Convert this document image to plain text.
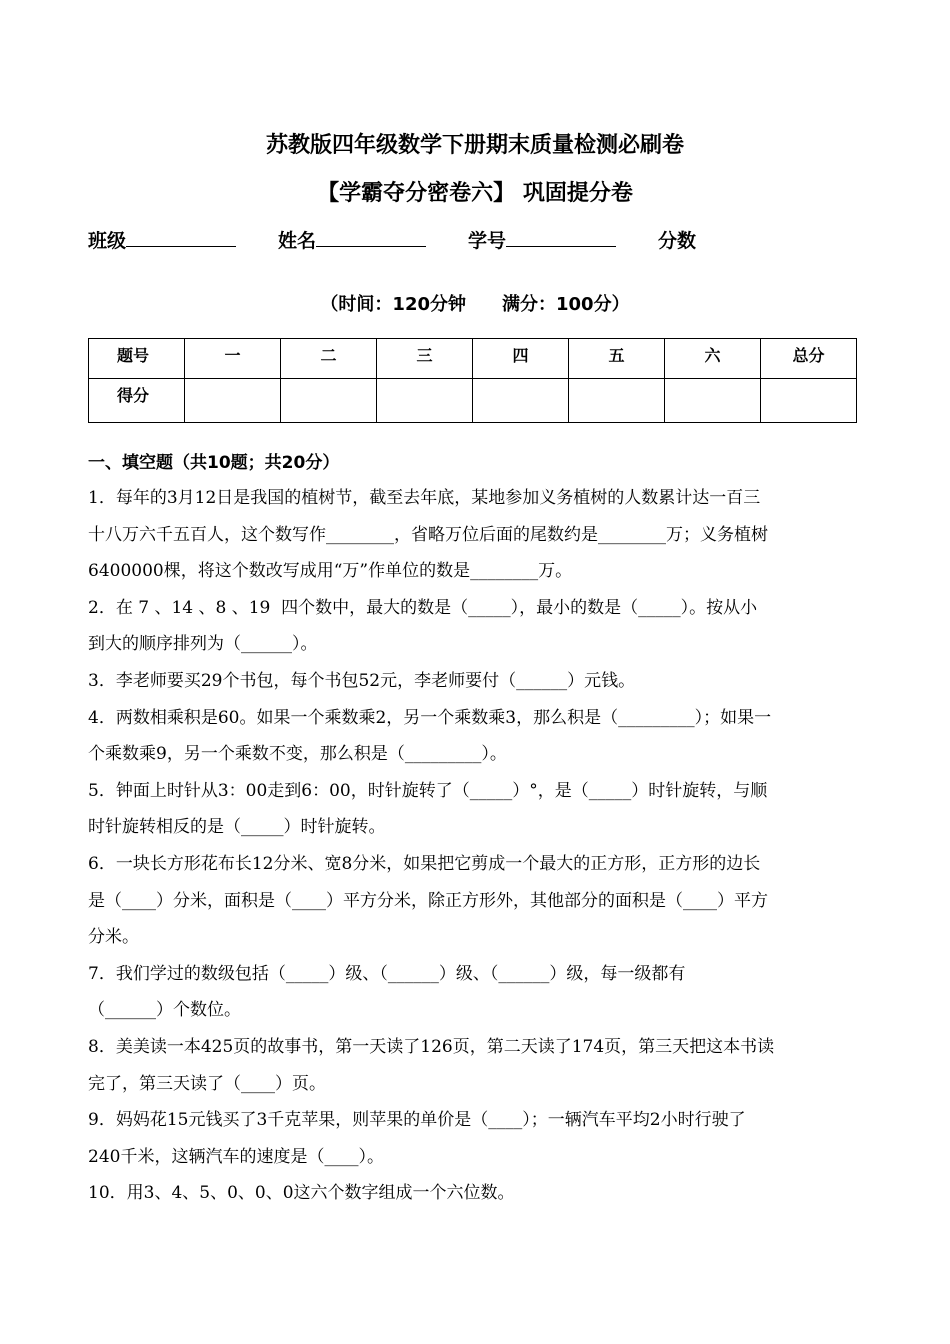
苏教版四年级数学下册期末质量检测必刷卷
【学霸夺分密卷六】 巩固提分卷
班级	姓名	学号	分数
（时间：120分钟　　满分：100分）
题号	一	二	三	四	五	六	总分
得分							
一、填空题（共10题；共20分）
1．每年的3月12日是我国的植树节，截至去年底，某地参加义务植树的人数累计达一百三
十八万六千五百人，这个数写作________，省略万位后面的尾数约是________万；义务植树
6400000棵，将这个数改写成用“万”作单位的数是________万。
2．在 7 、14 、8 、19  四个数中，最大的数是（_____），最小的数是（_____）。按从小
到大的顺序排列为（______）。
3．李老师要买29个书包，每个书包52元，李老师要付（______）元钱。
4．两数相乘积是60。如果一个乘数乘2，另一个乘数乘3，那么积是（_________）；如果一
个乘数乘9，另一个乘数不变，那么积是（_________）。
5．钟面上时针从3：00走到6：00，时针旋转了（_____）°，是（_____）时针旋转，与顺
时针旋转相反的是（_____）时针旋转。
6．一块长方形花布长12分米、宽8分米，如果把它剪成一个最大的正方形，正方形的边长
是（____）分米，面积是（____）平方分米，除正方形外，其他部分的面积是（____）平方
分米。
7．我们学过的数级包括（_____）级、（______）级、（______）级，每一级都有
（______）个数位。
8．美美读一本425页的故事书，第一天读了126页，第二天读了174页，第三天把这本书读
完了，第三天读了（____）页。
9．妈妈花15元钱买了3千克苹果，则苹果的单价是（____）；一辆汽车平均2小时行驶了
240千米，这辆汽车的速度是（____）。
10．用3、4、5、0、0、0这六个数字组成一个六位数。
